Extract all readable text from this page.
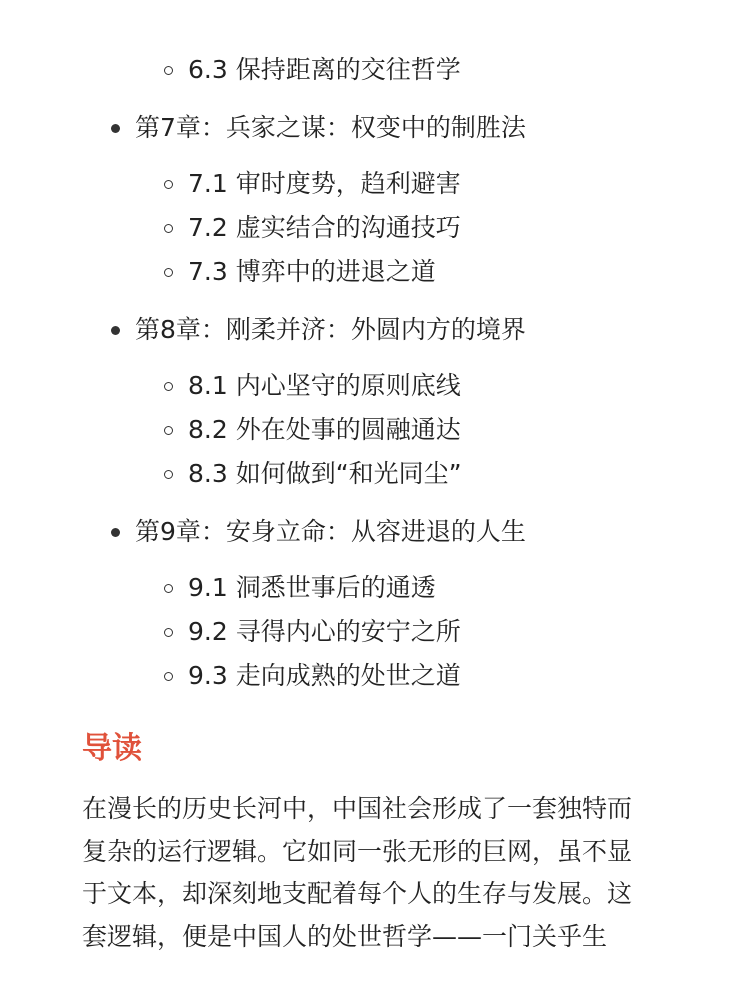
6.3 保持距离的交往哲学
第7章：兵家之谋：权变中的制胜法
7.1 审时度势，趋利避害
7.2 虚实结合的沟通技巧
7.3 博弈中的进退之道
第8章：刚柔并济：外圆内方的境界
8.1 内心坚守的原则底线
8.2 外在处事的圆融通达
8.3 如何做到“和光同尘”
第9章：安身立命：从容进退的人生
9.1 洞悉世事后的通透
9.2 寻得内心的安宁之所
9.3 走向成熟的处世之道
导读

在漫长的历史长河中，中国社会形成了一套独特而
复杂的运行逻辑。它如同一张无形的巨网，虽不显
于文本，却深刻地支配着每个人的生存与发展。这
套逻辑，便是中国人的处世哲学——一门关乎生
